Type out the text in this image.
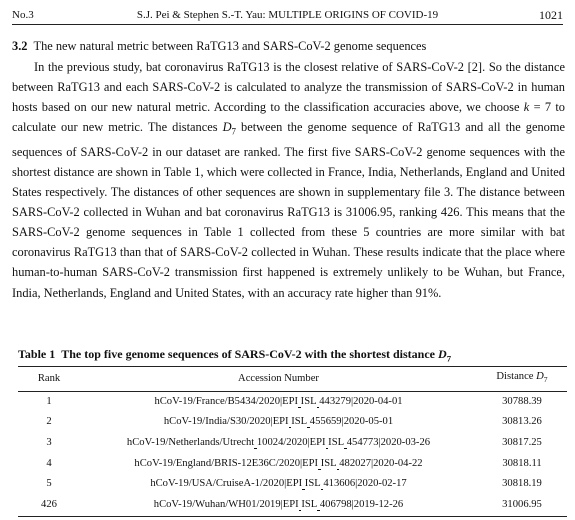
No.3	S.J. Pei & Stephen S.-T. Yau: MULTIPLE ORIGINS OF COVID-19	1021
3.2 The new natural metric between RaTG13 and SARS-CoV-2 genome sequences

In the previous study, bat coronavirus RaTG13 is the closest relative of SARS-CoV-2 [2]. So the distance between RaTG13 and each SARS-CoV-2 is calculated to analyze the transmission of SARS-CoV-2 in human hosts based on our new natural metric. According to the classification accuracies above, we choose k = 7 to calculate our new metric. The distances $D_7$ between the genome sequence of RaTG13 and all the genome sequences of SARS-CoV-2 in our dataset are ranked. The first five SARS-CoV-2 genome sequences with the shortest distance are shown in Table 1, which were collected in France, India, Netherlands, England and United States respectively. The distances of other sequences are shown in supplementary file 3. The distance between SARS-CoV-2 collected in Wuhan and bat coronavirus RaTG13 is 31006.95, ranking 426. This means that the SARS-CoV-2 genome sequences in Table 1 collected from these 5 countries are more similar with bat coronavirus RaTG13 than that of SARS-CoV-2 collected in Wuhan. These results indicate that the place where human-to-human SARS-CoV-2 transmission first happened is extremely unlikely to be Wuhan, but France, India, Netherlands, England and United States, with an accuracy rate higher than 91%.

Table 1 The top five genome sequences of SARS-CoV-2 with the shortest distance $D_7$
Rank	Accession Number	Distance $D_7$
1	hCoV-19/France/B5434/2020|EPI ISL 443279|2020-04-01	30788.39
2	hCoV-19/India/S30/2020|EPI ISL 455659|2020-05-01	30813.26
3	hCoV-19/Netherlands/Utrecht 10024/2020|EPI ISL 454773|2020-03-26	30817.25
4	hCoV-19/England/BRIS-12E36C/2020|EPI ISL 482027|2020-04-22	30818.11
5	hCoV-19/USA/CruiseA-1/2020|EPI ISL 413606|2020-02-17	30818.19
426	hCoV-19/Wuhan/WH01/2019|EPI ISL 406798|2019-12-26	31006.95
